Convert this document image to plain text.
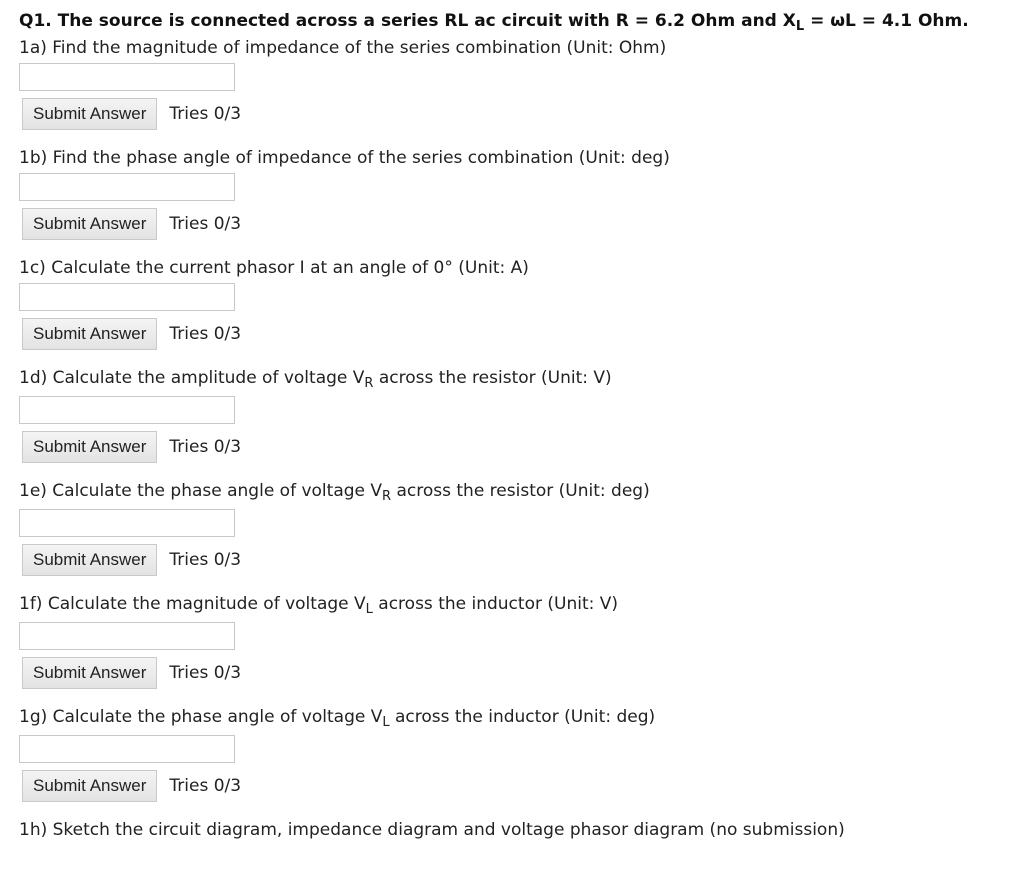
Q1. The source is connected across a series RL ac circuit with R = 6.2 Ohm and $X_L = \omega L = 4.1$ Ohm.
1a) Find the magnitude of impedance of the series combination (Unit: Ohm)
Submit Answer	Tries 0/3
1b) Find the phase angle of impedance of the series combination (Unit: deg)
Submit Answer	Tries 0/3
1c) Calculate the current phasor I at an angle of 0° (Unit: A)
Submit Answer	Tries 0/3
1d) Calculate the amplitude of voltage $V_R$ across the resistor (Unit: V)
Submit Answer	Tries 0/3
1e) Calculate the phase angle of voltage $V_R$ across the resistor (Unit: deg)
Submit Answer	Tries 0/3
1f) Calculate the magnitude of voltage $V_L$ across the inductor (Unit: V)
Submit Answer	Tries 0/3
1g) Calculate the phase angle of voltage $V_L$ across the inductor (Unit: deg)
Submit Answer	Tries 0/3
1h) Sketch the circuit diagram, impedance diagram and voltage phasor diagram (no submission)
